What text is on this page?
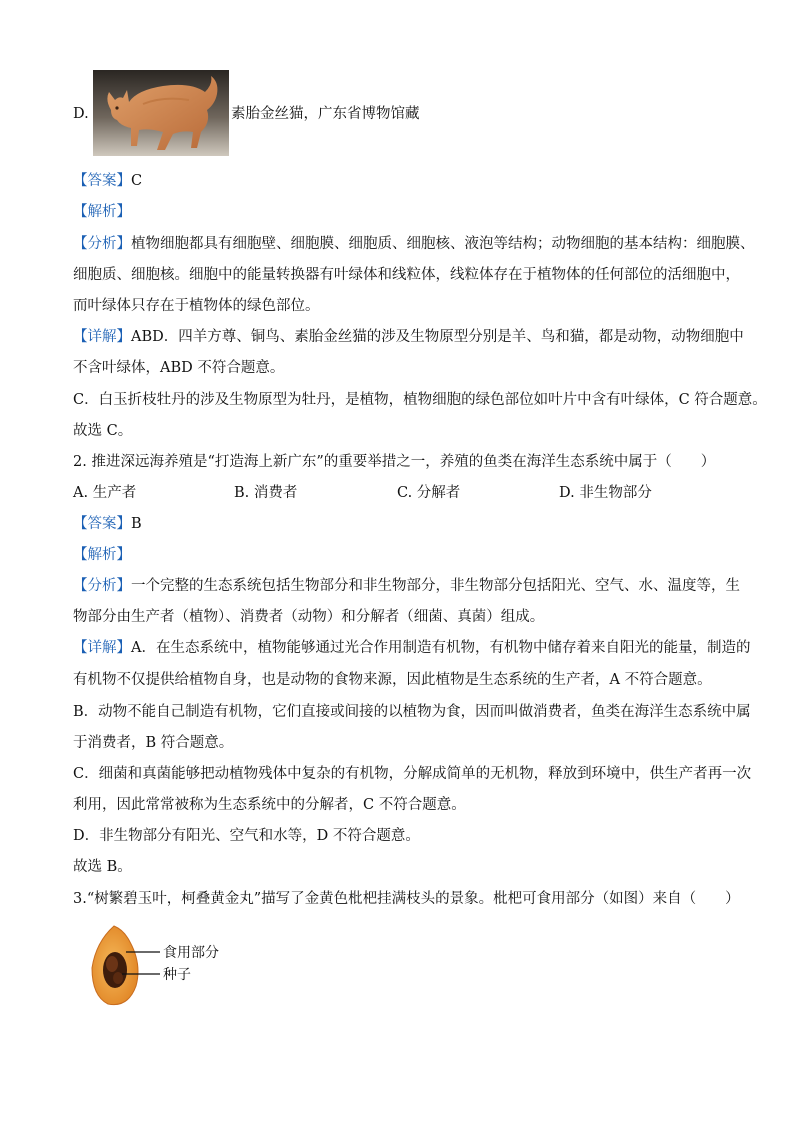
D.	素胎金丝猫，广东省博物馆藏
【答案】C
【解析】
【分析】植物细胞都具有细胞壁、细胞膜、细胞质、细胞核、液泡等结构；动物细胞的基本结构：细胞膜、
细胞质、细胞核。细胞中的能量转换器有叶绿体和线粒体，线粒体存在于植物体的任何部位的活细胞中，
而叶绿体只存在于植物体的绿色部位。
【详解】ABD．四羊方尊、铜鸟、素胎金丝猫的涉及生物原型分别是羊、鸟和猫，都是动物，动物细胞中
不含叶绿体，ABD 不符合题意。
C．白玉折枝牡丹的涉及生物原型为牡丹，是植物，植物细胞的绿色部位如叶片中含有叶绿体，C 符合题意。
故选 C。
2. 推进深远海养殖是“打造海上新广东”的重要举措之一，养殖的鱼类在海洋生态系统中属于（　　）
A. 生产者	B. 消费者	C. 分解者	D. 非生物部分
【答案】B
【解析】
【分析】一个完整的生态系统包括生物部分和非生物部分，非生物部分包括阳光、空气、水、温度等，生
物部分由生产者（植物）、消费者（动物）和分解者（细菌、真菌）组成。
【详解】A．在生态系统中，植物能够通过光合作用制造有机物，有机物中储存着来自阳光的能量，制造的
有机物不仅提供给植物自身，也是动物的食物来源，因此植物是生态系统的生产者，A 不符合题意。
B．动物不能自己制造有机物，它们直接或间接的以植物为食，因而叫做消费者，鱼类在海洋生态系统中属
于消费者，B 符合题意。
C．细菌和真菌能够把动植物残体中复杂的有机物，分解成简单的无机物，释放到环境中，供生产者再一次
利用，因此常常被称为生态系统中的分解者，C 不符合题意。
D．非生物部分有阳光、空气和水等，D 不符合题意。
故选 B。
3.“树繁碧玉叶，柯叠黄金丸”描写了金黄色枇杷挂满枝头的景象。枇杷可食用部分（如图）来自（　　）
食用部分
种子
